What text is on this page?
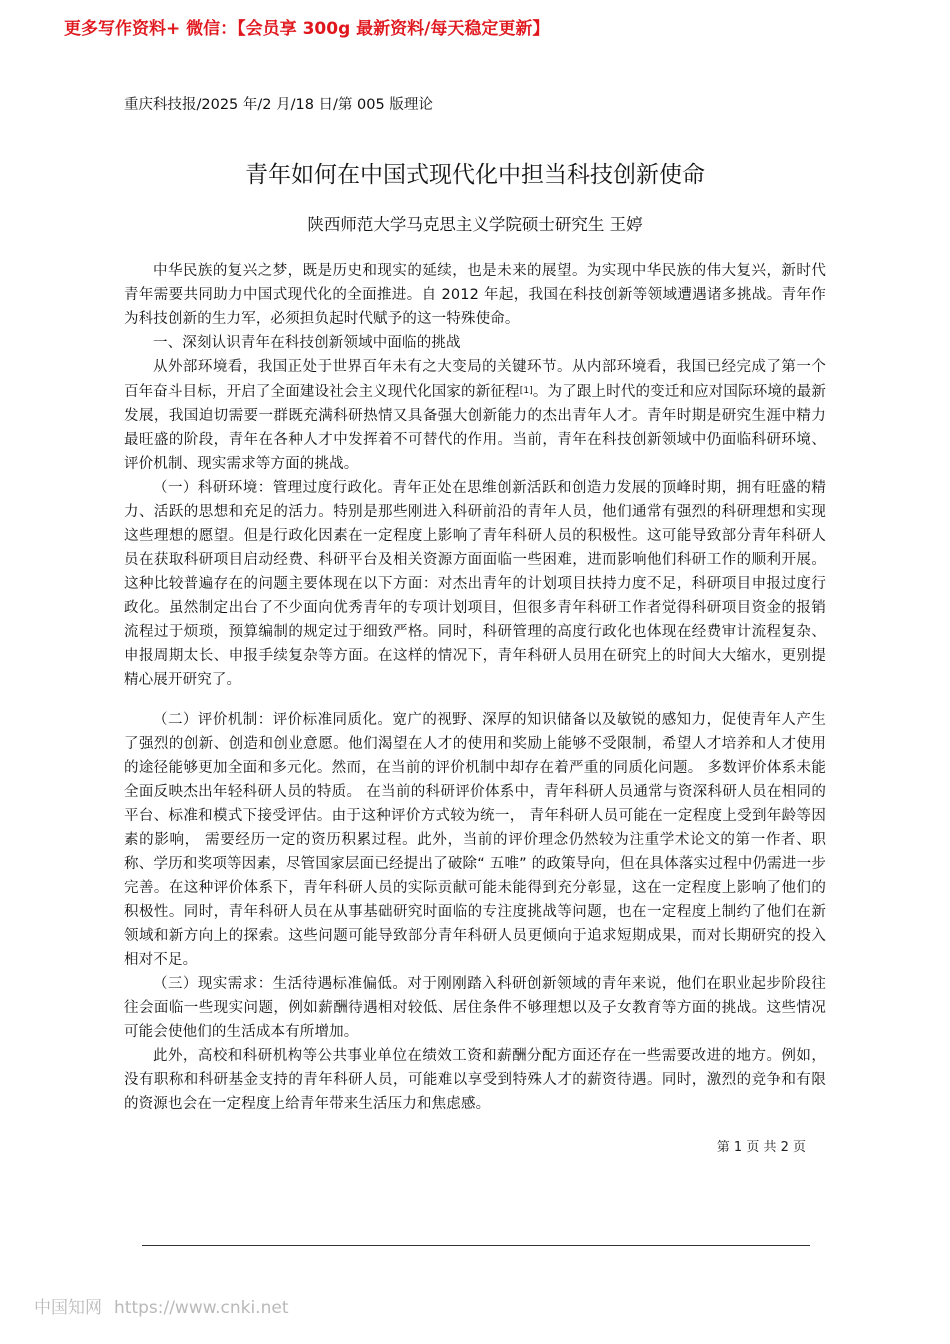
更多写作资料+ 微信：【会员享 300g 最新资料/每天稳定更新】
重庆科技报/2025 年/2 月/18 日/第 005 版理论
青年如何在中国式现代化中担当科技创新使命
陕西师范大学马克思主义学院硕士研究生 王婷

中华民族的复兴之梦，既是历史和现实的延续，也是未来的展望。为实现中华民族的伟大复兴，新时代青年需要共同助力中国式现代化的全面推进。自 2012 年起，我国在科技创新等领域遭遇诸多挑战。青年作为科技创新的生力军，必须担负起时代赋予的这一特殊使命。

一、深刻认识青年在科技创新领域中面临的挑战

从外部环境看，我国正处于世界百年未有之大变局的关键环节。从内部环境看，我国已经完成了第一个百年奋斗目标，开启了全面建设社会主义现代化国家的新征程[1]。为了跟上时代的变迁和应对国际环境的最新发展，我国迫切需要一群既充满科研热情又具备强大创新能力的杰出青年人才。青年时期是研究生涯中精力最旺盛的阶段，青年在各种人才中发挥着不可替代的作用。当前，青年在科技创新领域中仍面临科研环境、评价机制、现实需求等方面的挑战。

（一）科研环境：管理过度行政化。青年正处在思维创新活跃和创造力发展的顶峰时期，拥有旺盛的精力、活跃的思想和充足的活力。特别是那些刚进入科研前沿的青年人员，他们通常有强烈的科研理想和实现这些理想的愿望。但是行政化因素在一定程度上影响了青年科研人员的积极性。这可能导致部分青年科研人员在获取科研项目启动经费、科研平台及相关资源方面面临一些困难，进而影响他们科研工作的顺利开展。这种比较普遍存在的问题主要体现在以下方面：对杰出青年的计划项目扶持力度不足，科研项目申报过度行政化。虽然制定出台了不少面向优秀青年的专项计划项目，但很多青年科研工作者觉得科研项目资金的报销流程过于烦琐，预算编制的规定过于细致严格。同时，科研管理的高度行政化也体现在经费审计流程复杂、申报周期太长、申报手续复杂等方面。在这样的情况下，青年科研人员用在研究上的时间大大缩水，更别提精心展开研究了。

（二）评价机制：评价标准同质化。宽广的视野、深厚的知识储备以及敏锐的感知力，促使青年人产生了强烈的创新、创造和创业意愿。他们渴望在人才的使用和奖励上能够不受限制，希望人才培养和人才使用的途径能够更加全面和多元化。然而，在当前的评价机制中却存在着严重的同质化问题。 多数评价体系未能全面反映杰出年轻科研人员的特质。 在当前的科研评价体系中，青年科研人员通常与资深科研人员在相同的平台、标准和模式下接受评估。由于这种评价方式较为统一， 青年科研人员可能在一定程度上受到年龄等因素的影响， 需要经历一定的资历积累过程。此外，当前的评价理念仍然较为注重学术论文的第一作者、职称、学历和奖项等因素，尽管国家层面已经提出了破除“ 五唯” 的政策导向，但在具体落实过程中仍需进一步完善。在这种评价体系下，青年科研人员的实际贡献可能未能得到充分彰显，这在一定程度上影响了他们的积极性。同时，青年科研人员在从事基础研究时面临的专注度挑战等问题，也在一定程度上制约了他们在新领域和新方向上的探索。这些问题可能导致部分青年科研人员更倾向于追求短期成果，而对长期研究的投入相对不足。

（三）现实需求：生活待遇标准偏低。对于刚刚踏入科研创新领域的青年来说，他们在职业起步阶段往往会面临一些现实问题，例如薪酬待遇相对较低、居住条件不够理想以及子女教育等方面的挑战。这些情况可能会使他们的生活成本有所增加。

此外，高校和科研机构等公共事业单位在绩效工资和薪酬分配方面还存在一些需要改进的地方。例如，没有职称和科研基金支持的青年科研人员，可能难以享受到特殊人才的薪资待遇。同时，激烈的竞争和有限的资源也会在一定程度上给青年带来生活压力和焦虑感。

第 1 页 共 2 页
中国知网 https://www.cnki.net
